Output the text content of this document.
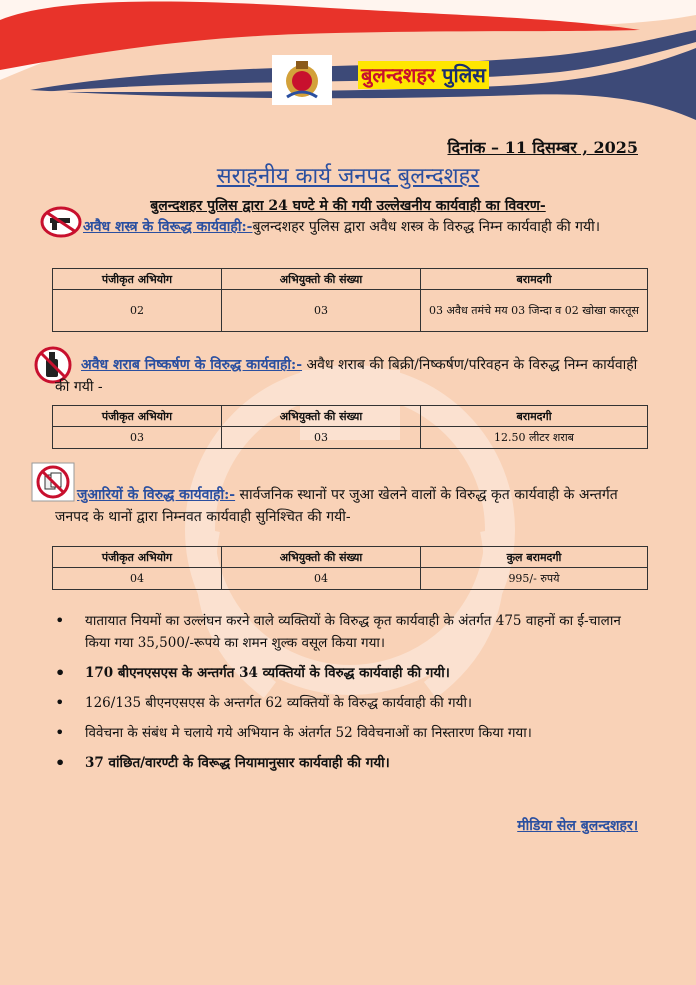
बुलन्दशहर पुलिस
दिनांक – 11 दिसम्बर , 2025
सराहनीय कार्य जनपद बुलन्दशहर
बुलन्दशहर पुलिस द्वारा 24 घण्टे मे की गयी उल्लेखनीय कार्यवाही का विवरण-
अवैध शस्त्र के विरूद्ध कार्यवाही:-बुलन्दशहर पुलिस द्वारा अवैध शस्त्र के विरुद्ध निम्न कार्यवाही की गयी।
पंजीकृत अभियोग	अभियुक्तो की संख्या	बरामदगी
02	03	03 अवैध तमंचे मय 03 जिन्दा व 02 खोखा कारतूस
अवैध शराब निष्कर्षण के विरुद्ध कार्यवाही:- अवैध शराब की बिक्री/निष्कर्षण/परिवहन के विरुद्ध निम्न कार्यवाही की गयी -
पंजीकृत अभियोग	अभियुक्तो की संख्या	बरामदगी
03	03	12.50 लीटर शराब
जुआरियों के विरुद्ध कार्यवाही:- सार्वजनिक स्थानों पर जुआ खेलने वालों के विरुद्ध कृत कार्यवाही के अन्तर्गत जनपद के थानों द्वारा निम्नवत कार्यवाही सुनिश्चित की गयी-
पंजीकृत अभियोग	अभियुक्तो की संख्या	कुल बरामदगी
04	04	995/- रुपये
• यातायात नियमों का उल्लंघन करने वाले व्यक्तियों के विरुद्ध कृत कार्यवाही के अंतर्गत 475 वाहनों का ई-चालान किया गया 35,500/-रूपये का शमन शुल्क वसूल किया गया।
• 170 बीएनएसएस के अन्तर्गत 34 व्यक्तियों के विरुद्ध कार्यवाही की गयी।
• 126/135 बीएनएसएस के अन्तर्गत 62 व्यक्तियों के विरुद्ध कार्यवाही की गयी।
• विवेचना के संबंध मे चलाये गये अभियान के अंतर्गत 52 विवेचनाओं का निस्तारण किया गया।
• 37 वांछित/वारण्टी के विरूद्ध नियामानुसार कार्यवाही की गयी।
मीडिया सेल बुलन्दशहर।
